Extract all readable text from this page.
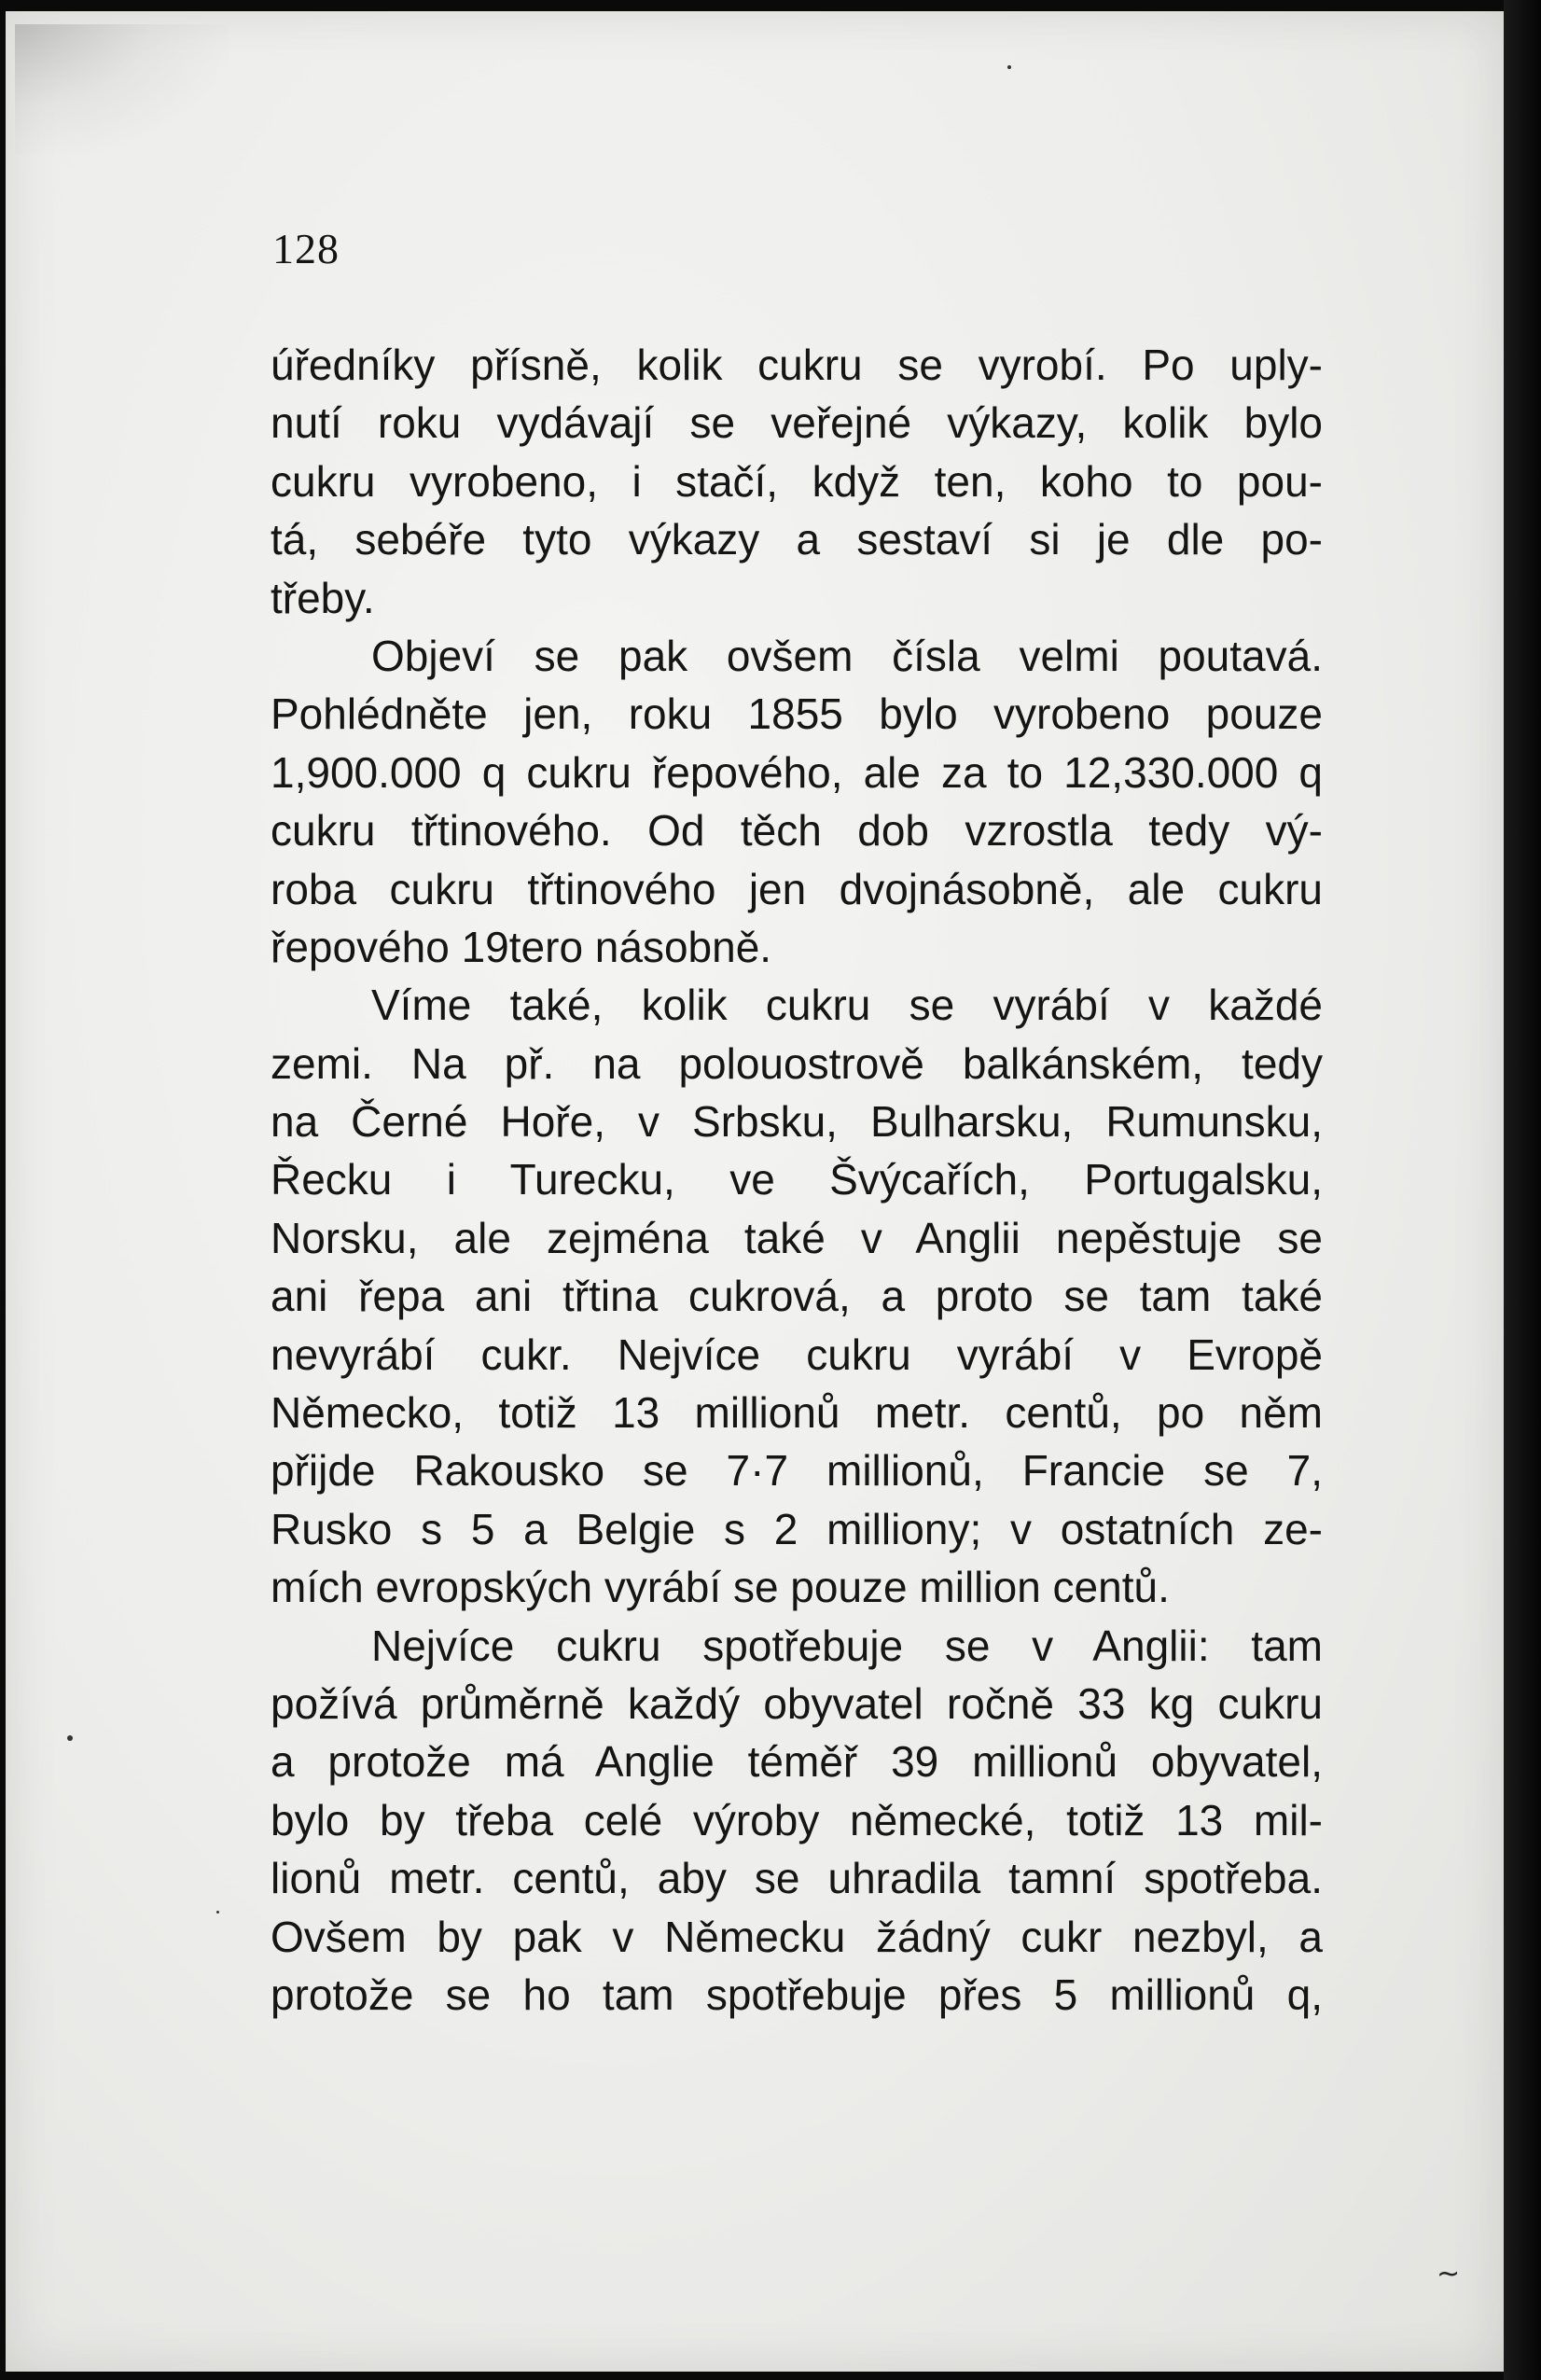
128
úředníky přísně, kolik cukru se vyrobí. Po uply-
nutí roku vydávají se veřejné výkazy, kolik bylo
cukru vyrobeno, i stačí, když ten, koho to pou-
tá, sebéře tyto výkazy a sestaví si je dle po-
třeby.
Objeví se pak ovšem čísla velmi poutavá.
Pohlédněte jen, roku 1855 bylo vyrobeno pouze
1,900.000 q cukru řepového, ale za to 12,330.000 q
cukru třtinového. Od těch dob vzrostla tedy vý-
roba cukru třtinového jen dvojnásobně, ale cukru
řepového 19tero násobně.
Víme také, kolik cukru se vyrábí v každé
zemi. Na př. na polouostrově balkánském, tedy
na Černé Hoře, v Srbsku, Bulharsku, Rumunsku,
Řecku i Turecku, ve Švýcařích, Portugalsku,
Norsku, ale zejména také v Anglii nepěstuje se
ani řepa ani třtina cukrová, a proto se tam také
nevyrábí cukr. Nejvíce cukru vyrábí v Evropě
Německo, totiž 13 millionů metr. centů, po něm
přijde Rakousko se 7·7 millionů, Francie se 7,
Rusko s 5 a Belgie s 2 milliony; v ostatních ze-
mích evropských vyrábí se pouze million centů.
Nejvíce cukru spotřebuje se v Anglii: tam
požívá průměrně každý obyvatel ročně 33 kg cukru
a protože má Anglie téměř 39 millionů obyvatel,
bylo by třeba celé výroby německé, totiž 13 mil-
lionů metr. centů, aby se uhradila tamní spotřeba.
Ovšem by pak v Německu žádný cukr nezbyl, a
protože se ho tam spotřebuje přes 5 millionů q,
~
